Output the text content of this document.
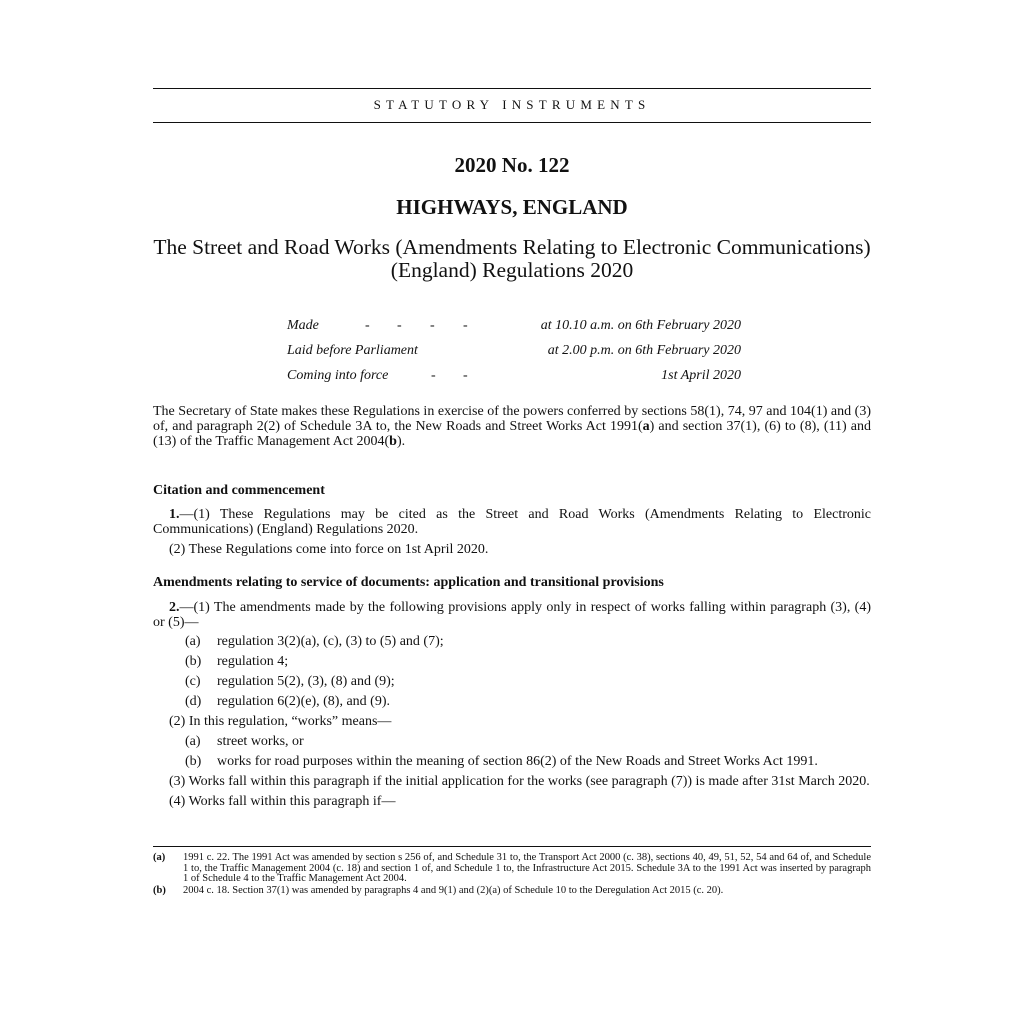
STATUTORY INSTRUMENTS
2020 No. 122
HIGHWAYS, ENGLAND
The Street and Road Works (Amendments Relating to Electronic Communications) (England) Regulations 2020
Made	- - - -	at 10.10 a.m. on 6th February 2020
Laid before Parliament	at 2.00 p.m. on 6th February 2020
Coming into force	- -	1st April 2020

The Secretary of State makes these Regulations in exercise of the powers conferred by sections 58(1), 74, 97 and 104(1) and (3) of, and paragraph 2(2) of Schedule 3A to, the New Roads and Street Works Act 1991(a) and section 37(1), (6) to (8), (11) and (13) of the Traffic Management Act 2004(b).

Citation and commencement

1.—(1) These Regulations may be cited as the Street and Road Works (Amendments Relating to Electronic Communications) (England) Regulations 2020.

(2) These Regulations come into force on 1st April 2020.

Amendments relating to service of documents: application and transitional provisions

2.—(1) The amendments made by the following provisions apply only in respect of works falling within paragraph (3), (4) or (5)—

(a) regulation 3(2)(a), (c), (3) to (5) and (7);

(b) regulation 4;

(c) regulation 5(2), (3), (8) and (9);

(d) regulation 6(2)(e), (8), and (9).

(2) In this regulation, “works” means—

(a) street works, or

(b) works for road purposes within the meaning of section 86(2) of the New Roads and Street Works Act 1991.

(3) Works fall within this paragraph if the initial application for the works (see paragraph (7)) is made after 31st March 2020.

(4) Works fall within this paragraph if—

(a) 1991 c. 22. The 1991 Act was amended by section s 256 of, and Schedule 31 to, the Transport Act 2000 (c. 38), sections 40, 49, 51, 52, 54 and 64 of, and Schedule 1 to, the Traffic Management 2004 (c. 18) and section 1 of, and Schedule 1 to, the Infrastructure Act 2015. Schedule 3A to the 1991 Act was inserted by paragraph 1 of Schedule 4 to the Traffic Management Act 2004.

(b) 2004 c. 18. Section 37(1) was amended by paragraphs 4 and 9(1) and (2)(a) of Schedule 10 to the Deregulation Act 2015 (c. 20).
